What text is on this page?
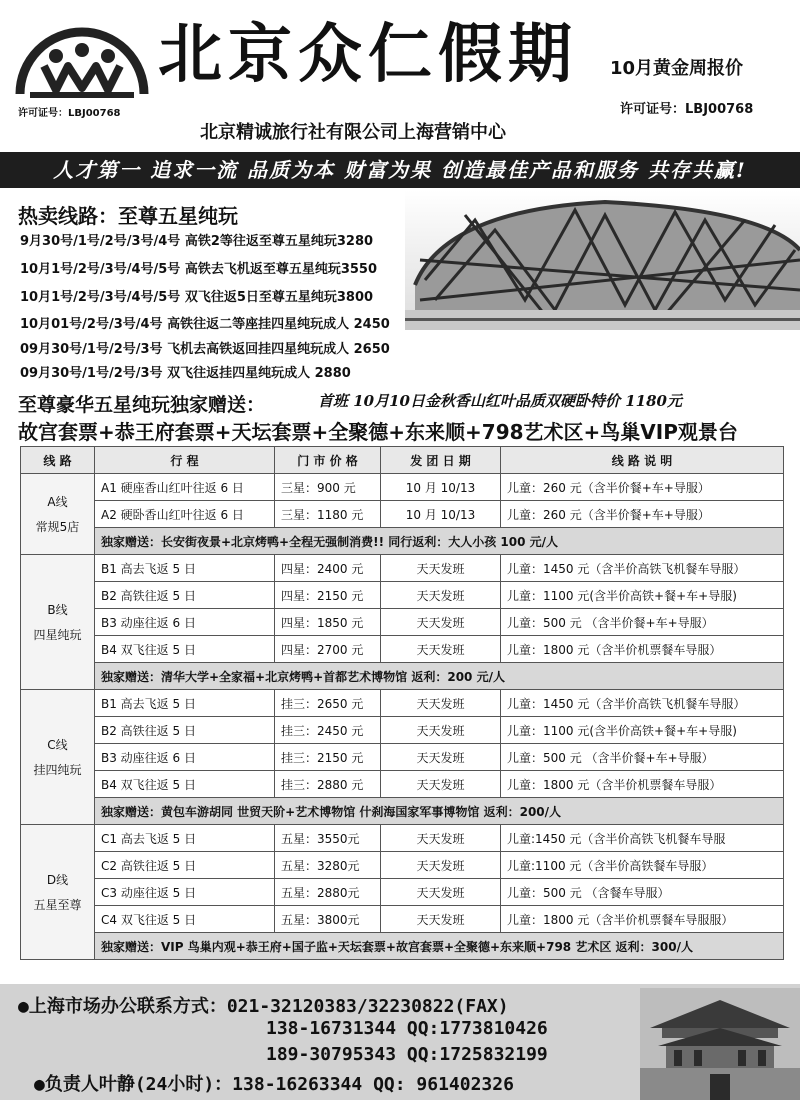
许可证号：LBJ00768
北京众仁假期 10月黄金周报价
许可证号：LBJ00768
北京精诚旅行社有限公司上海营销中心
人才第一 追求一流 品质为本 财富为果 创造最佳产品和服务 共存共赢!
热卖线路：至尊五星纯玩
9月30号/1号/2号/3号/4号 高铁2等往返至尊五星纯玩3280
10月1号/2号/3号/4号/5号 高铁去飞机返至尊五星纯玩3550
10月1号/2号/3号/4号/5号 双飞往返5日至尊五星纯玩3800
10月01号/2号/3号/4号 高铁往返二等座挂四星纯玩成人 2450
09月30号/1号/2号/3号 飞机去高铁返回挂四星纯玩成人 2650
09月30号/1号/2号/3号 双飞往返挂四星纯玩成人 2880
至尊豪华五星纯玩独家赠送：	首班 10月10日金秋香山红叶品质双硬卧特价 1180元
故宫套票+恭王府套票+天坛套票+全聚德+东来顺+798艺术区+鸟巢VIP观景台
线 路	行 程	门 市 价 格	发 团 日 期	线 路 说 明

A线
常规5店	A1 硬座香山红叶往返 6 日	三星：900 元	10 月 10/13	儿童：260 元（含半价餐+车+导服）
	A2 硬卧香山红叶往返 6 日	三星：1180 元	10 月 10/13	儿童：260 元（含半价餐+车+导服）
	独家赠送：长安街夜景+北京烤鸭+全程无强制消费!! 同行返利：大人小孩 100 元/人			

B线
四星纯玩	B1 高去飞返 5 日	四星：2400 元	天天发班	儿童：1450 元（含半价高铁飞机餐车导服）
	B2 高铁往返 5 日	四星：2150 元	天天发班	儿童：1100 元(含半价高铁+餐+车+导服)
	B3 动座往返 6 日	四星：1850 元	天天发班	儿童：500 元 （含半价餐+车+导服）
	B4 双飞往返 5 日	四星：2700 元	天天发班	儿童：1800 元（含半价机票餐车导服）
	独家赠送：清华大学+全家福+北京烤鸭+首都艺术博物馆 返利：200 元/人			

C线
挂四纯玩	B1 高去飞返 5 日	挂三：2650 元	天天发班	儿童：1450 元（含半价高铁飞机餐车导服）
	B2 高铁往返 5 日	挂三：2450 元	天天发班	儿童：1100 元(含半价高铁+餐+车+导服)
	B3 动座往返 6 日	挂三：2150 元	天天发班	儿童：500 元 （含半价餐+车+导服）
	B4 双飞往返 5 日	挂三：2880 元	天天发班	儿童：1800 元（含半价机票餐车导服）
	独家赠送：黄包车游胡同 世贸天阶+艺术博物馆 什刹海国家军事博物馆 返利：200/人			

D线
五星至尊	C1 高去飞返 5 日	五星：3550元	天天发班	儿童:1450 元（含半价高铁飞机餐车导服
	C2 高铁往返 5 日	五星：3280元	天天发班	儿童:1100 元（含半价高铁餐车导服）
	C3 动座往返 5 日	五星：2880元	天天发班	儿童：500 元 （含餐车导服）
	C4 双飞往返 5 日	五星：3800元	天天发班	儿童：1800 元（含半价机票餐车导服服）
	独家赠送：VIP 鸟巢内观+恭王府+国子监+天坛套票+故宫套票+全聚德+东来顺+798 艺术区 返利：300/人			
●上海市场办公联系方式：021-32120383/32230822(FAX)
138-16731344 QQ:1773810426
189-30795343 QQ:1725832199
●负责人叶静(24小时)：138-16263344 QQ: 961402326
